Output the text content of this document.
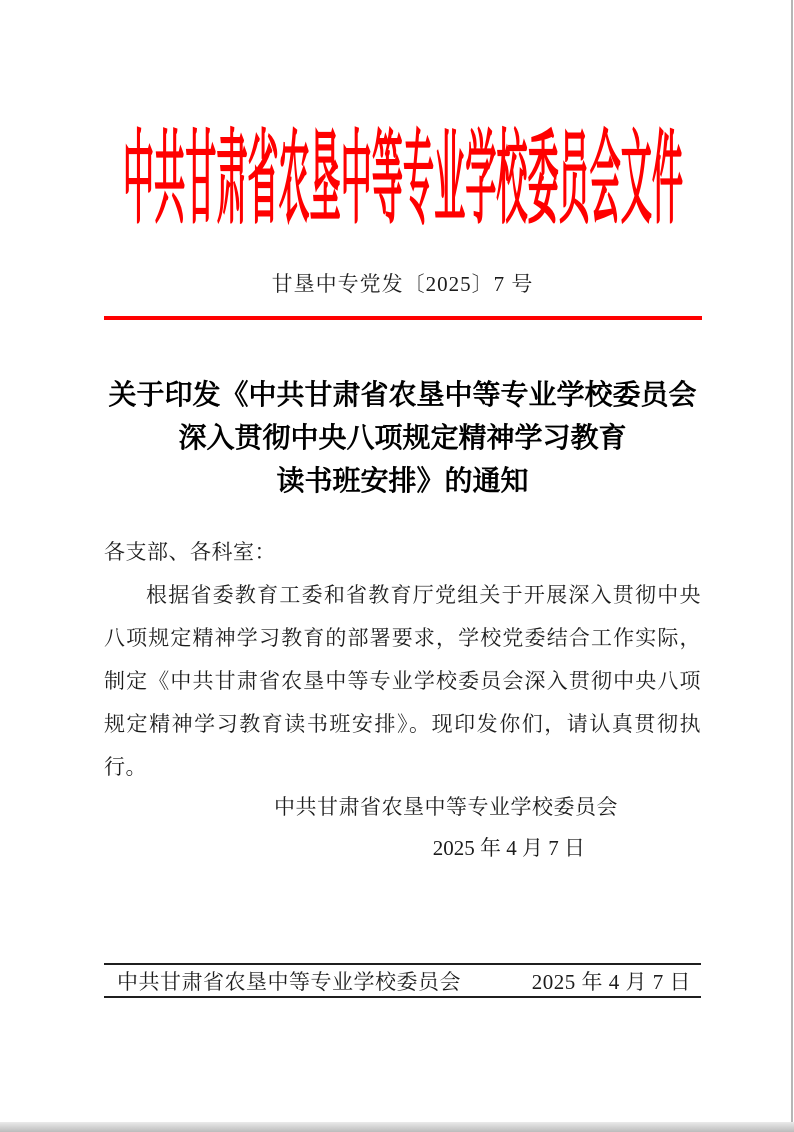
中共甘肃省农垦中等专业学校委员会文件
甘垦中专党发〔2025〕7 号
关于印发《中共甘肃省农垦中等专业学校委员会
深入贯彻中央八项规定精神学习教育
读书班安排》的通知
各支部、各科室：
根据省委教育工委和省教育厅党组关于开展深入贯彻中央八项规定精神学习教育的部署要求，学校党委结合工作实际，制定《中共甘肃省农垦中等专业学校委员会深入贯彻中央八项规定精神学习教育读书班安排》。现印发你们，请认真贯彻执行。
中共甘肃省农垦中等专业学校委员会
2025 年 4 月 7 日
中共甘肃省农垦中等专业学校委员会	2025 年 4 月 7 日
